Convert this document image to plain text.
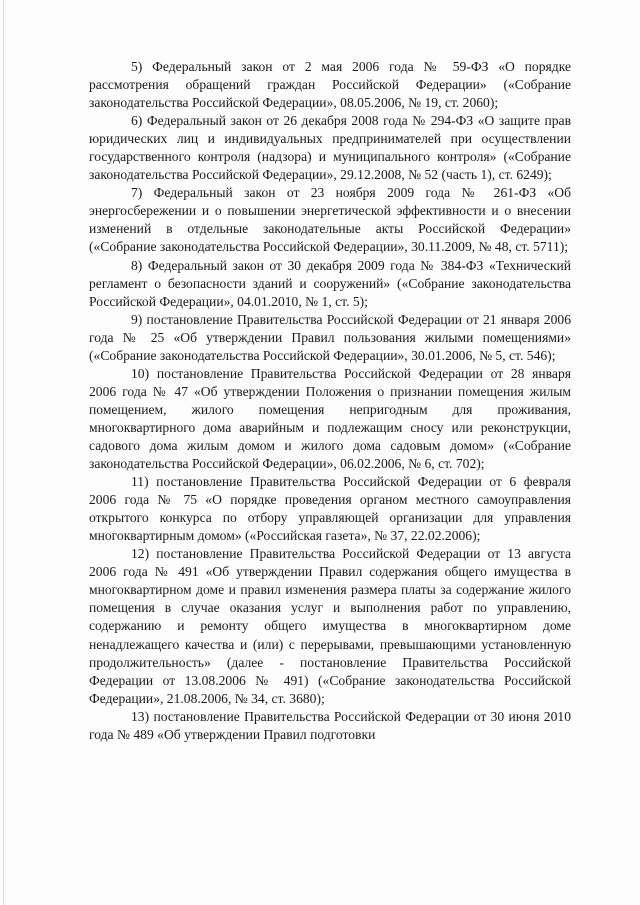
5) Федеральный закон от 2 мая 2006 года № 59-ФЗ «О порядке рассмотрения обращений граждан Российской Федерации» («Собрание законодательства Российской Федерации», 08.05.2006, № 19, ст. 2060);

6) Федеральный закон от 26 декабря 2008 года № 294-ФЗ «О защите прав юридических лиц и индивидуальных предпринимателей при осуществлении государственного контроля (надзора) и муниципального контроля» («Собрание законодательства Российской Федерации», 29.12.2008, № 52 (часть 1), ст. 6249);

7) Федеральный закон от 23 ноября 2009 года № 261-ФЗ «Об энергосбережении и о повышении энергетической эффективности и о внесении изменений в отдельные законодательные акты Российской Федерации» («Собрание законодательства Российской Федерации», 30.11.2009, № 48, ст. 5711);

8) Федеральный закон от 30 декабря 2009 года № 384-ФЗ «Технический регламент о безопасности зданий и сооружений» («Собрание законодательства Российской Федерации», 04.01.2010, № 1, ст. 5);

9) постановление Правительства Российской Федерации от 21 января 2006 года № 25 «Об утверждении Правил пользования жилыми помещениями» («Собрание законодательства Российской Федерации», 30.01.2006, № 5, ст. 546);

10) постановление Правительства Российской Федерации от 28 января 2006 года № 47 «Об утверждении Положения о признании помещения жилым помещением, жилого помещения непригодным для проживания, многоквартирного дома аварийным и подлежащим сносу или реконструкции, садового дома жилым домом и жилого дома садовым домом» («Собрание законодательства Российской Федерации», 06.02.2006, № 6, ст. 702);

11) постановление Правительства Российской Федерации от 6 февраля 2006 года № 75 «О порядке проведения органом местного самоуправления открытого конкурса по отбору управляющей организации для управления многоквартирным домом» («Российская газета», № 37, 22.02.2006);

12) постановление Правительства Российской Федерации от 13 августа 2006 года № 491 «Об утверждении Правил содержания общего имущества в многоквартирном доме и правил изменения размера платы за содержание жилого помещения в случае оказания услуг и выполнения работ по управлению, содержанию и ремонту общего имущества в многоквартирном доме ненадлежащего качества и (или) с перерывами, превышающими установленную продолжительность» (далее - постановление Правительства Российской Федерации от 13.08.2006 № 491) («Собрание законодательства Российской Федерации», 21.08.2006, № 34, ст. 3680);

13) постановление Правительства Российской Федерации от 30 июня 2010 года № 489 «Об утверждении Правил подготовки
